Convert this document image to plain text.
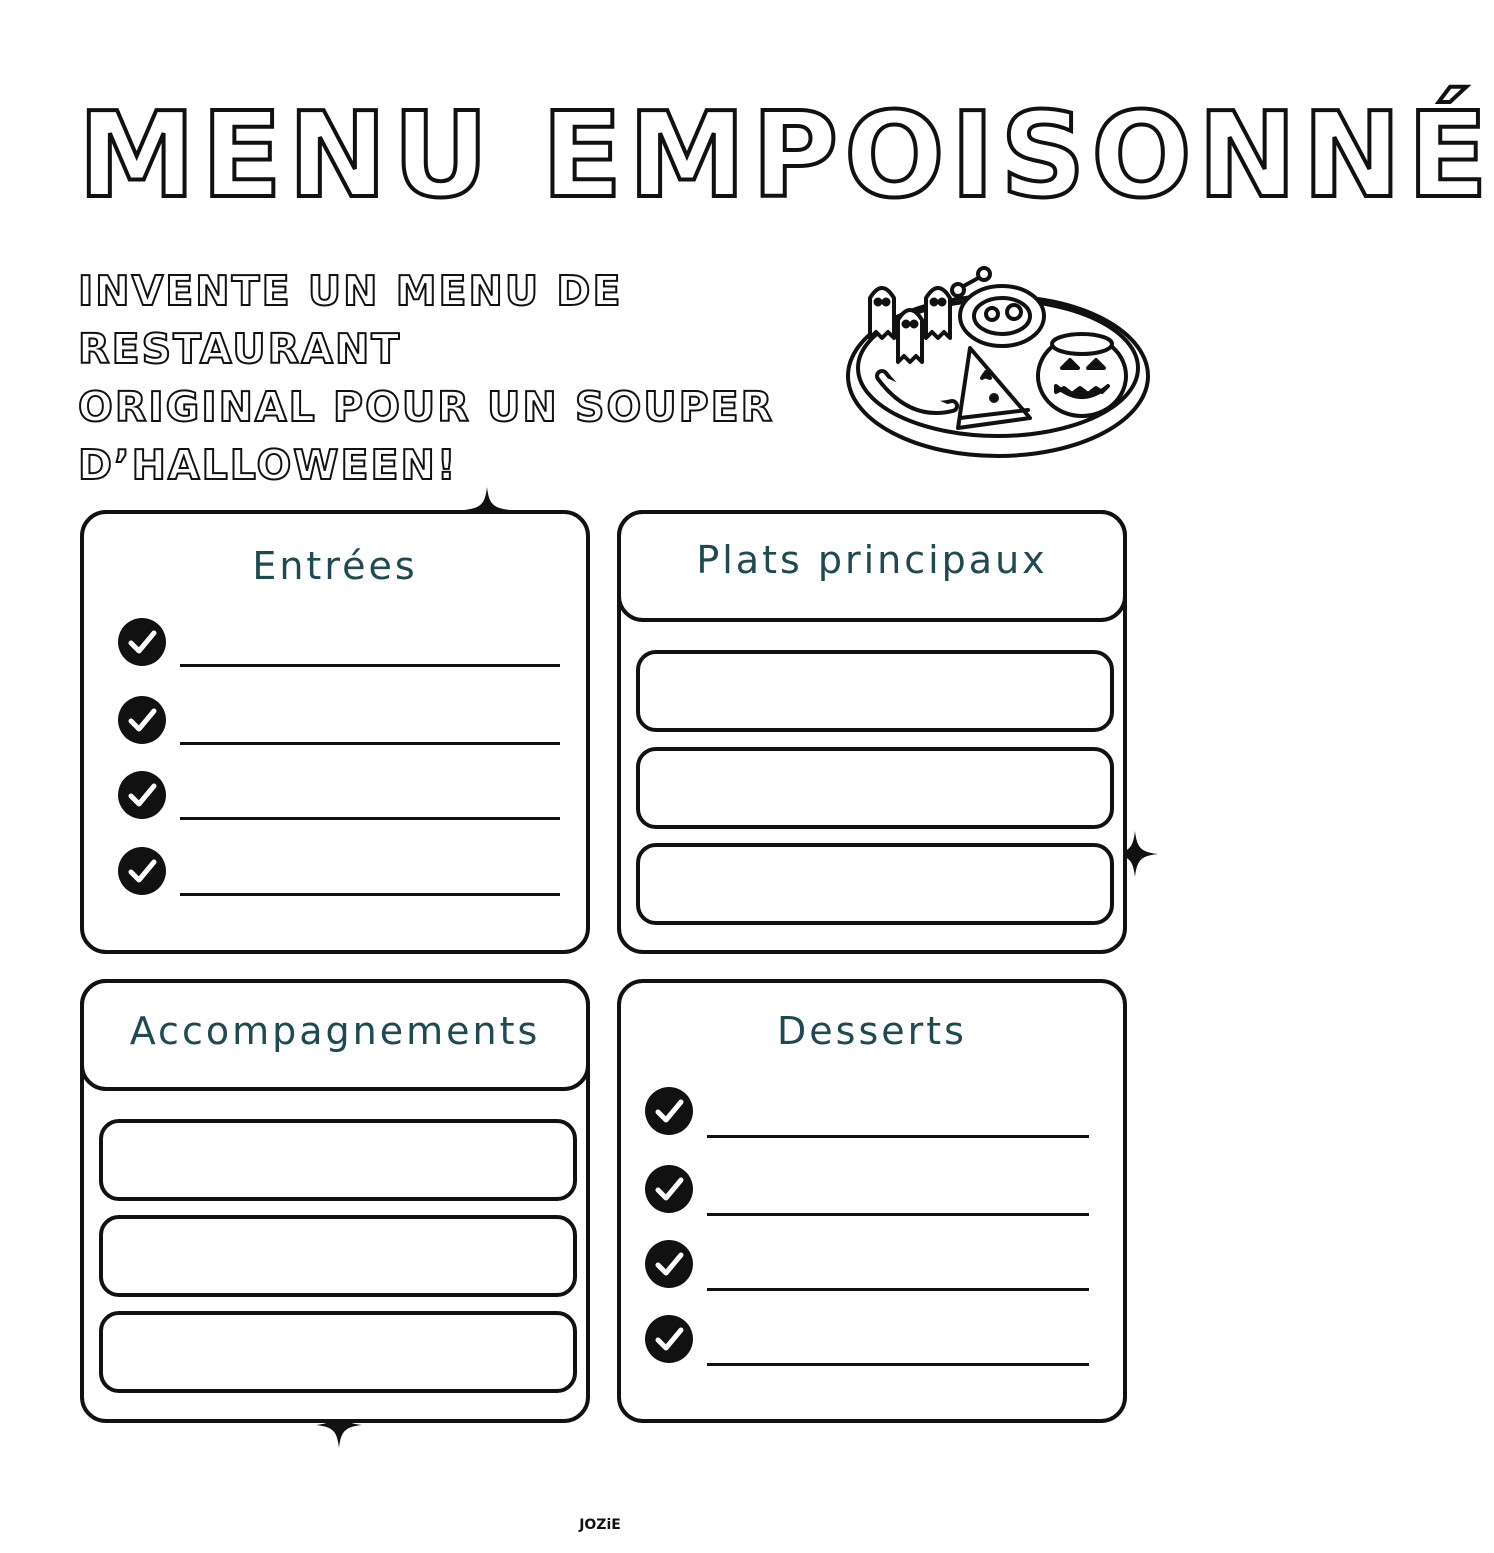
MENU EMPOISONNÉ
INVENTE UN MENU DE RESTAURANT
ORIGINAL POUR UN SOUPER
D’HALLOWEEN!
Entrées	Plats principaux
Accompagnements	Desserts
JOZiE
